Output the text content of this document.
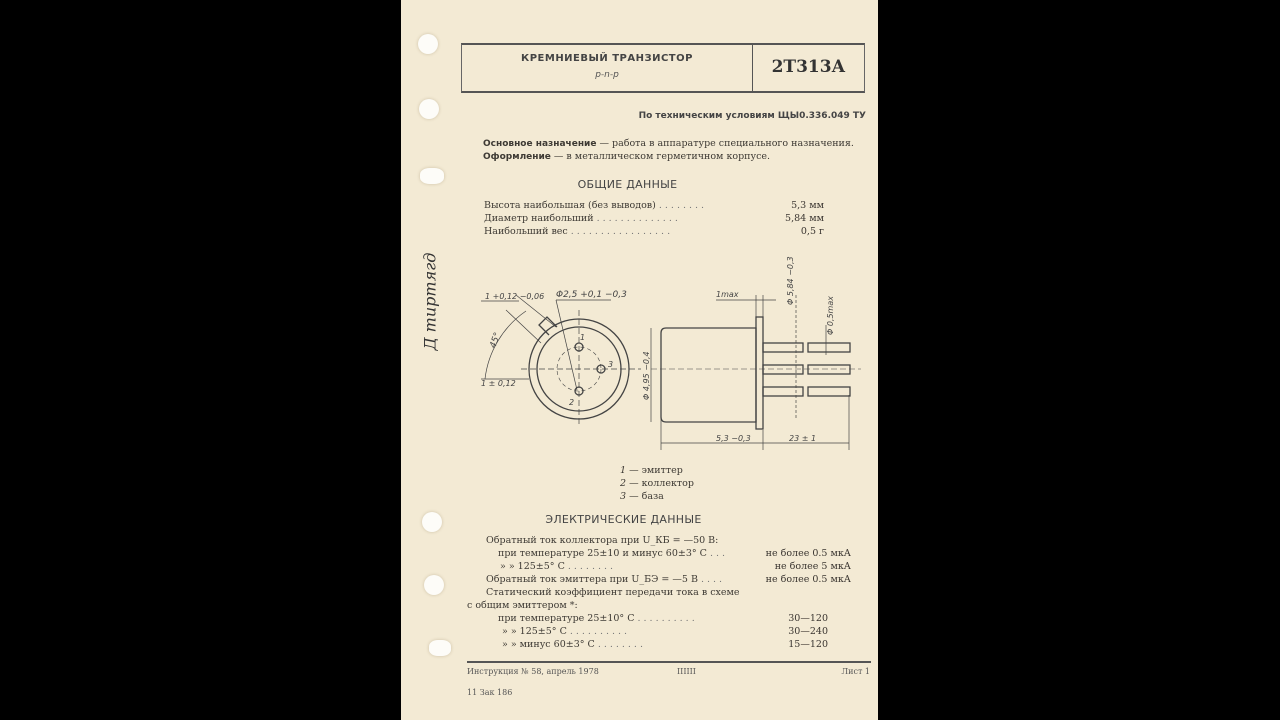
Д тиртягд
КРЕМНИЕВЫЙ ТРАНЗИСТОР
p-n-p	2Т313А
По техническим условиям ЩЫ0.336.049 ТУ
Основное назначение — работа в аппаратуре специального назначения.
Оформление — в металлическом герметичном корпусе.
ОБЩИЕ ДАННЫЕ
Высота наибольшая (без выводов) ........	5,3 мм
Диаметр наибольший ..............	5,84 мм
Наибольший вес .................	0,5 г
1 +0,12 −0,06 Φ2,5 +0,1 −0,3
45°
1 ± 0,12
1
2
3
1max	Φ 5,84 −0,3
Φ 0,5max
Φ 4,95 −0,4
5,3 −0,3	23 ± 1
1 — эмиттер
2 — коллектор
3 — база
ЭЛЕКТРИЧЕСКИЕ ДАННЫЕ
Обратный ток коллектора при U_КБ = —50 В:
при температуре 25±10 и минус 60±3° С ...	не более 0.5 мкА
» » 125±5° С ........	не более 5 мкА
Обратный ток эмиттера при U_БЭ = —5 В ....	не более 0.5 мкА
Статический коэффициент передачи тока в схеме
с общим эмиттером *:
при температуре 25±10° С ..........	30—120
» » 125±5° С ..........	30—240
» » минус 60±3° С ........	15—120
Инструкция № 58, апрель 1978	IIIIII	Лист 1
11 Зак 186
